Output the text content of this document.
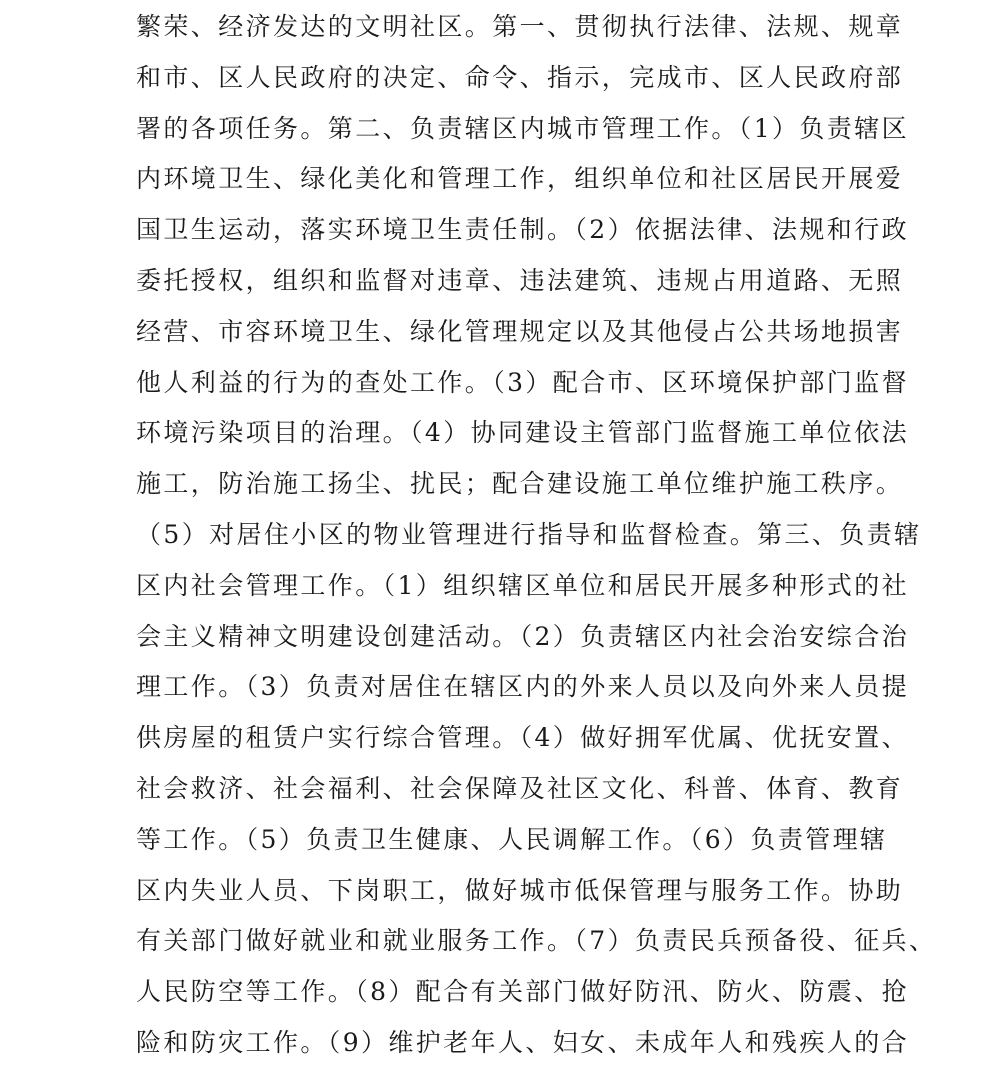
繁荣、经济发达的文明社区。第一、贯彻执行法律、法规、规章
和市、区人民政府的决定、命令、指示，完成市、区人民政府部
署的各项任务。第二、负责辖区内城市管理工作。（1）负责辖区
内环境卫生、绿化美化和管理工作，组织单位和社区居民开展爱
国卫生运动，落实环境卫生责任制。（2）依据法律、法规和行政
委托授权，组织和监督对违章、违法建筑、违规占用道路、无照
经营、市容环境卫生、绿化管理规定以及其他侵占公共场地损害
他人利益的行为的查处工作。（3）配合市、区环境保护部门监督
环境污染项目的治理。（4）协同建设主管部门监督施工单位依法
施工，防治施工扬尘、扰民；配合建设施工单位维护施工秩序。
（5）对居住小区的物业管理进行指导和监督检查。第三、负责辖
区内社会管理工作。（1）组织辖区单位和居民开展多种形式的社
会主义精神文明建设创建活动。（2）负责辖区内社会治安综合治
理工作。（3）负责对居住在辖区内的外来人员以及向外来人员提
供房屋的租赁户实行综合管理。（4）做好拥军优属、优抚安置、
社会救济、社会福利、社会保障及社区文化、科普、体育、教育
等工作。（5）负责卫生健康、人民调解工作。（6）负责管理辖
区内失业人员、下岗职工，做好城市低保管理与服务工作。协助
有关部门做好就业和就业服务工作。（7）负责民兵预备役、征兵、
人民防空等工作。（8）配合有关部门做好防汛、防火、防震、抢
险和防灾工作。（9）维护老年人、妇女、未成年人和残疾人的合
